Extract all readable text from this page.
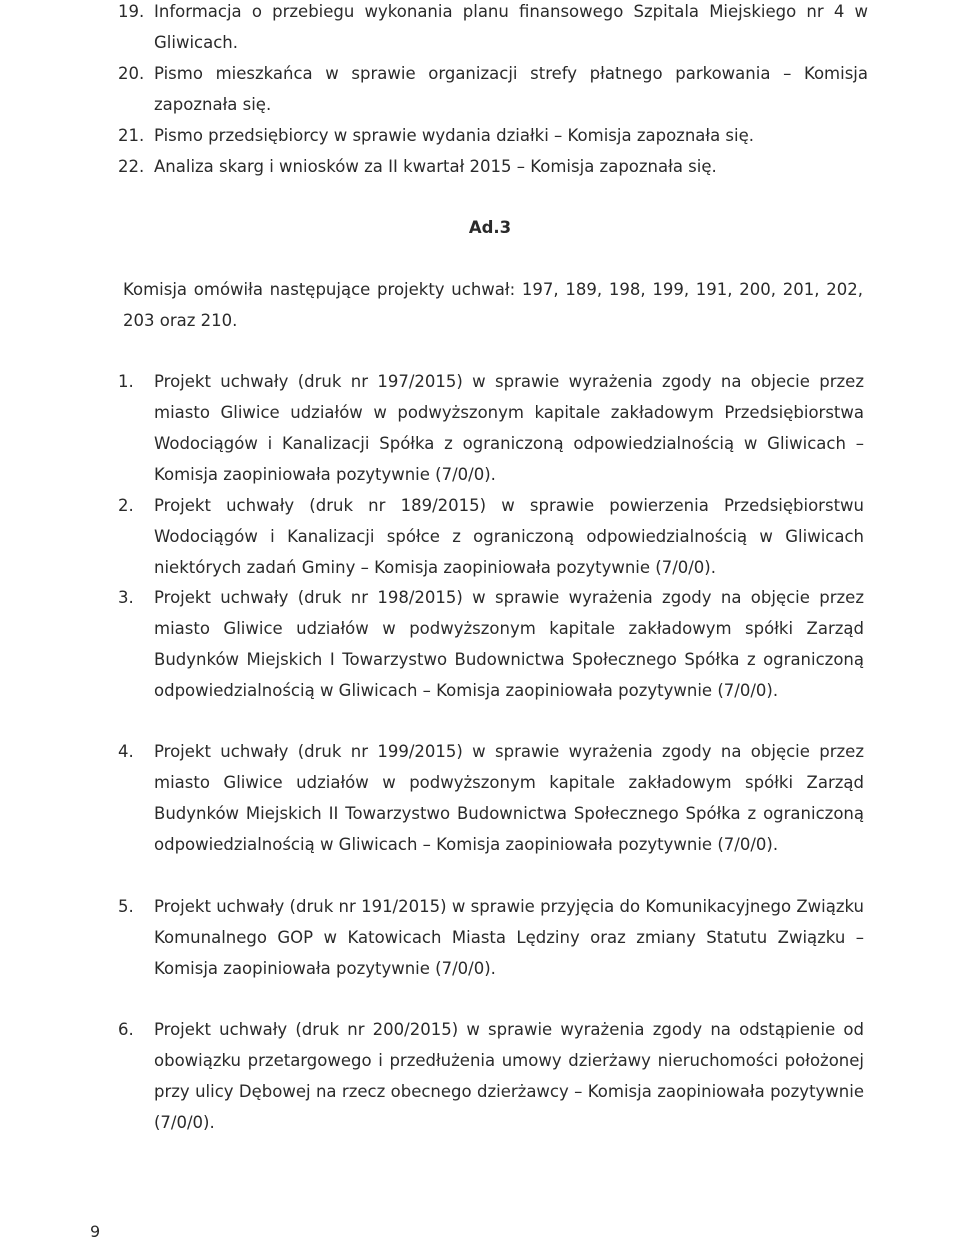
19. Informacja o przebiegu wykonania planu finansowego Szpitala Miejskiego nr 4 w Gliwicach.
20. Pismo mieszkańca w sprawie organizacji strefy płatnego parkowania – Komisja zapoznała się.
21. Pismo przedsiębiorcy w sprawie wydania działki – Komisja zapoznała się.
22. Analiza skarg i wniosków za II kwartał 2015 – Komisja zapoznała się.
Ad.3
Komisja omówiła następujące projekty uchwał: 197, 189, 198, 199, 191, 200, 201, 202, 203 oraz 210.
1.	Projekt uchwały (druk nr 197/2015) w sprawie wyrażenia zgody na objecie przez miasto Gliwice udziałów w podwyższonym kapitale zakładowym Przedsiębiorstwa Wodociągów i Kanalizacji Spółka z ograniczoną odpowiedzialnością w Gliwicach – Komisja zaopiniowała pozytywnie (7/0/0).
2.	Projekt uchwały (druk nr 189/2015) w sprawie powierzenia Przedsiębiorstwu Wodociągów i Kanalizacji spółce z ograniczoną odpowiedzialnością w Gliwicach niektórych zadań Gminy – Komisja zaopiniowała pozytywnie (7/0/0).
3.	Projekt uchwały (druk nr 198/2015) w sprawie wyrażenia zgody na objęcie przez miasto Gliwice udziałów w podwyższonym kapitale zakładowym spółki Zarząd Budynków Miejskich I Towarzystwo Budownictwa Społecznego Spółka z ograniczoną odpowiedzialnością w Gliwicach – Komisja zaopiniowała pozytywnie (7/0/0).
4.	Projekt uchwały (druk nr 199/2015) w sprawie wyrażenia zgody na objęcie przez miasto Gliwice udziałów w podwyższonym kapitale zakładowym spółki Zarząd Budynków Miejskich II Towarzystwo Budownictwa Społecznego Spółka z ograniczoną odpowiedzialnością w Gliwicach – Komisja zaopiniowała pozytywnie (7/0/0).
5.	Projekt uchwały (druk nr 191/2015) w sprawie przyjęcia do Komunikacyjnego Związku Komunalnego GOP w Katowicach Miasta Lędziny oraz zmiany Statutu Związku – Komisja zaopiniowała pozytywnie (7/0/0).
6.	Projekt uchwały (druk nr 200/2015) w sprawie wyrażenia zgody na odstąpienie od obowiązku przetargowego i przedłużenia umowy dzierżawy nieruchomości położonej przy ulicy Dębowej na rzecz obecnego dzierżawcy – Komisja zaopiniowała pozytywnie (7/0/0).
9
